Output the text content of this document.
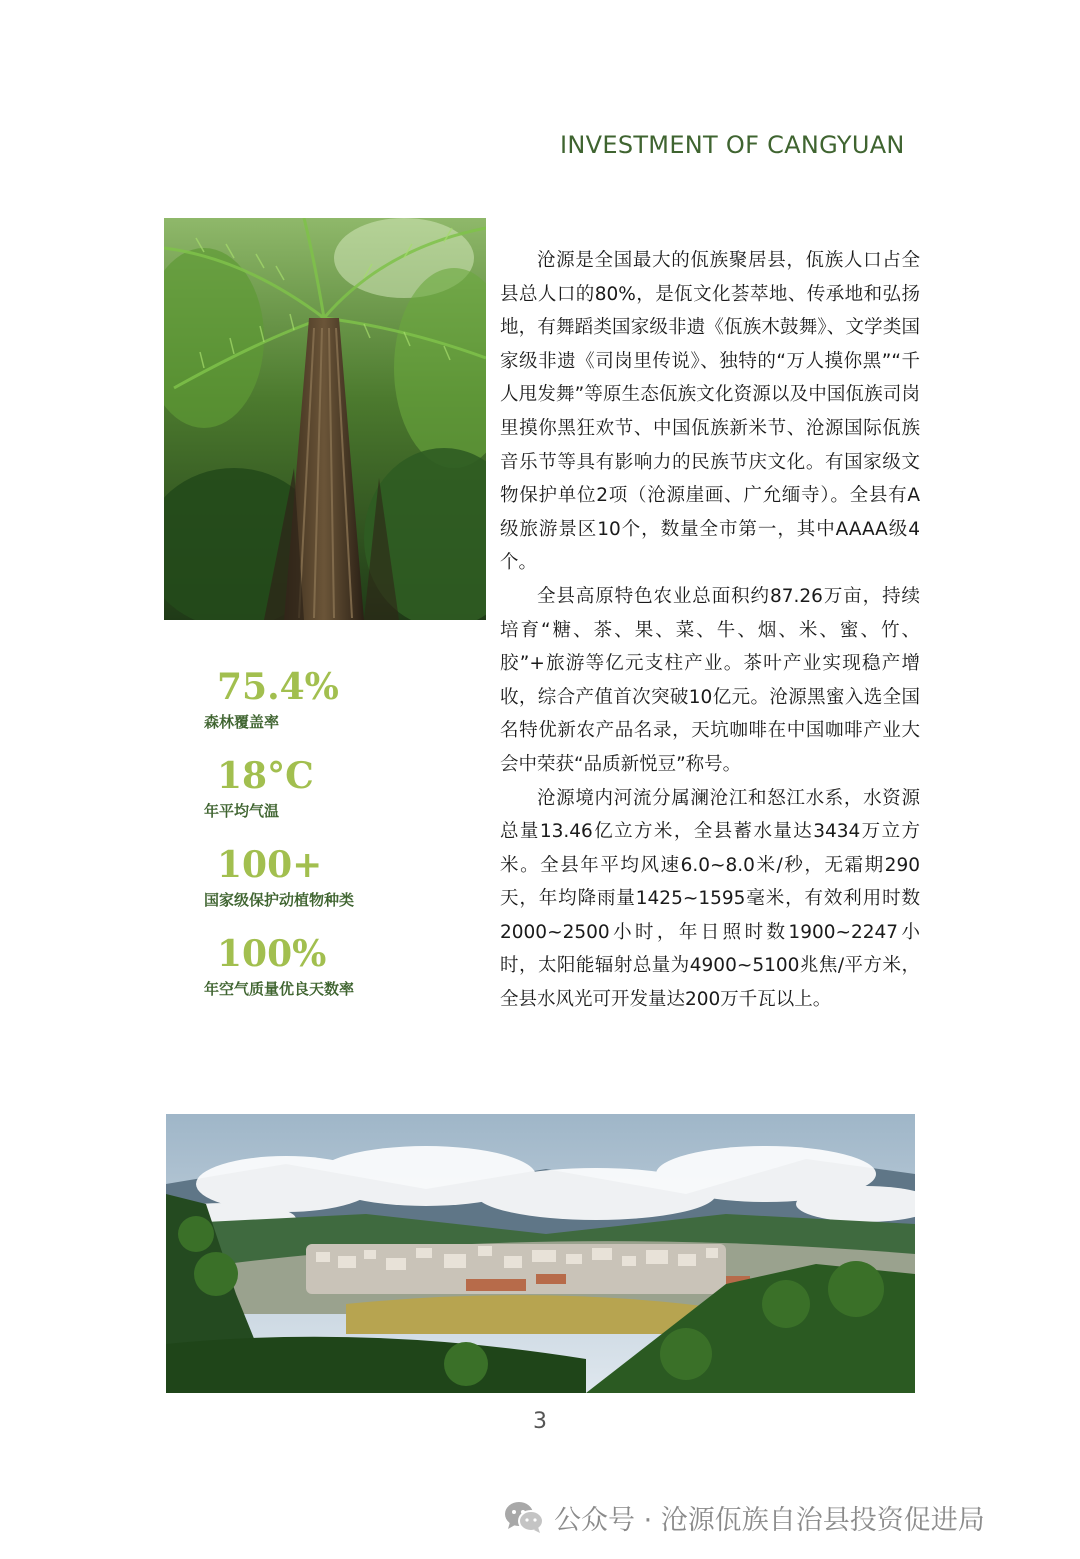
INVESTMENT OF CANGYUAN
75.4%
森林覆盖率
18°C
年平均气温
100+
国家级保护动植物种类
100%
年空气质量优良天数率

沧源是全国最大的佤族聚居县，佤族人口占全县总人口的80%，是佤文化荟萃地、传承地和弘扬地，有舞蹈类国家级非遗《佤族木鼓舞》、文学类国家级非遗《司岗里传说》、独特的“万人摸你黑”“千人甩发舞”等原生态佤族文化资源以及中国佤族司岗里摸你黑狂欢节、中国佤族新米节、沧源国际佤族音乐节等具有影响力的民族节庆文化。有国家级文物保护单位2项（沧源崖画、广允缅寺）。全县有A级旅游景区10个，数量全市第一，其中AAAA级4个。

全县高原特色农业总面积约87.26万亩，持续培育“糖、茶、果、菜、牛、烟、米、蜜、竹、胶”+旅游等亿元支柱产业。茶叶产业实现稳产增收，综合产值首次突破10亿元。沧源黑蜜入选全国名特优新农产品名录，天坑咖啡在中国咖啡产业大会中荣获“品质新悦豆”称号。

沧源境内河流分属澜沧江和怒江水系，水资源总量13.46亿立方米，全县蓄水量达3434万立方米。全县年平均风速6.0~8.0米/秒，无霜期290天，年均降雨量1425~1595毫米，有效利用时数2000~2500小时，年日照时数1900~2247小时，太阳能辐射总量为4900~5100兆焦/平方米，全县水风光可开发量达200万千瓦以上。

3
公众号 · 沧源佤族自治县投资促进局
